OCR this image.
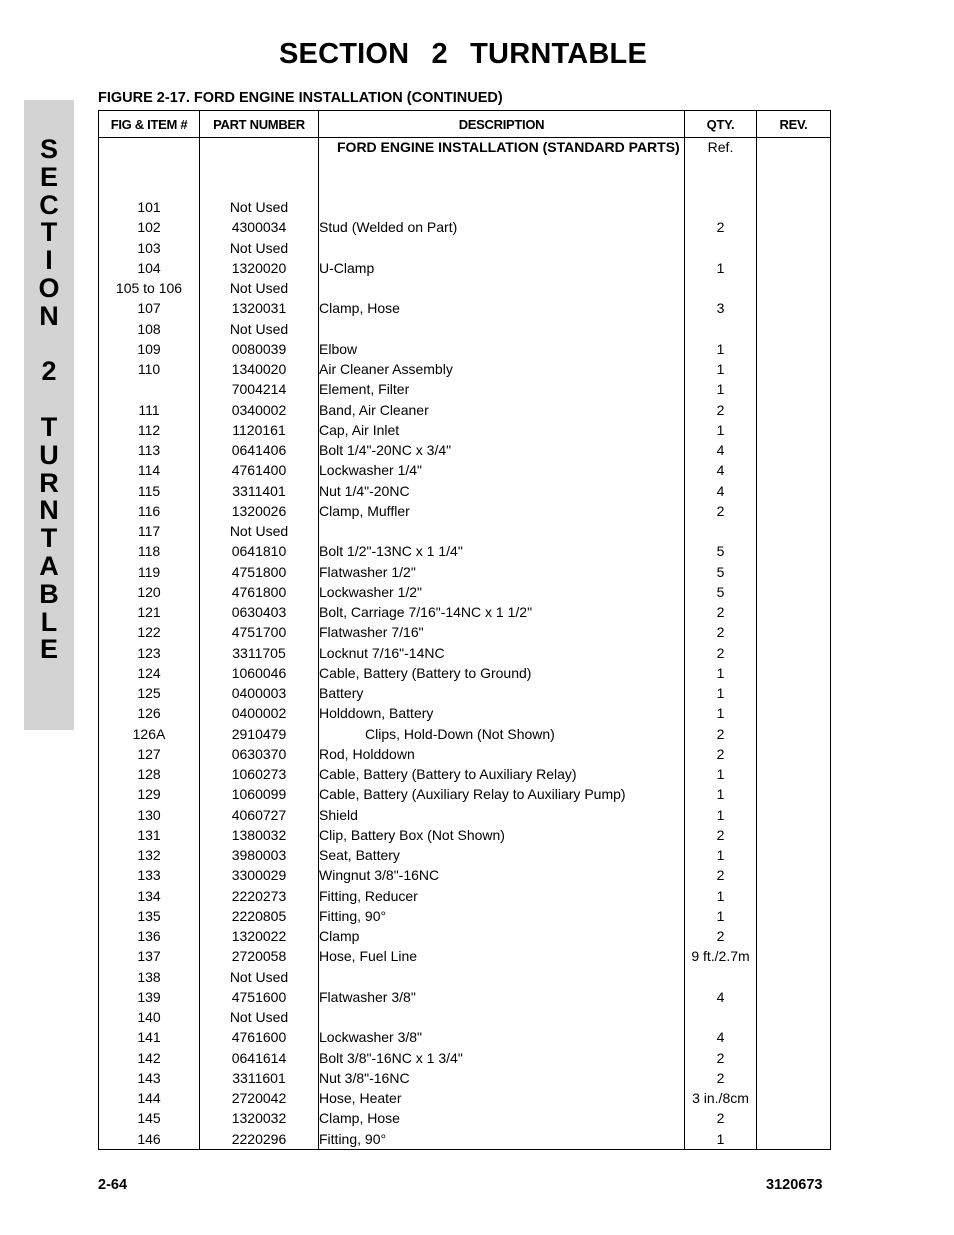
SECTION 2 TURNTABLE
FIGURE 2-17. FORD ENGINE INSTALLATION (CONTINUED)
S
E
C
T
I
O
N
2
T
U
R
N
T
A
B
L
E
FIG & ITEM #	PART NUMBER	DESCRIPTION	QTY.	REV.
		FORD ENGINE INSTALLATION (STANDARD PARTS)	Ref.	
101	Not Used			
102	4300034	Stud (Welded on Part)	2	
103	Not Used			
104	1320020	U-Clamp	1	
105 to 106	Not Used			
107	1320031	Clamp, Hose	3	
108	Not Used			
109	0080039	Elbow	1	
110	1340020	Air Cleaner Assembly	1	
	7004214	Element, Filter	1	
111	0340002	Band, Air Cleaner	2	
112	1120161	Cap, Air Inlet	1	
113	0641406	Bolt 1/4"-20NC x 3/4"	4	
114	4761400	Lockwasher 1/4"	4	
115	3311401	Nut 1/4"-20NC	4	
116	1320026	Clamp, Muffler	2	
117	Not Used			
118	0641810	Bolt 1/2"-13NC x 1 1/4"	5	
119	4751800	Flatwasher 1/2"	5	
120	4761800	Lockwasher 1/2"	5	
121	0630403	Bolt, Carriage 7/16"-14NC x 1 1/2"	2	
122	4751700	Flatwasher 7/16"	2	
123	3311705	Locknut 7/16"-14NC	2	
124	1060046	Cable, Battery (Battery to Ground)	1	
125	0400003	Battery	1	
126	0400002	Holddown, Battery	1	
126A	2910479	Clips, Hold-Down (Not Shown)	2	
127	0630370	Rod, Holddown	2	
128	1060273	Cable, Battery (Battery to Auxiliary Relay)	1	
129	1060099	Cable, Battery (Auxiliary Relay to Auxiliary Pump)	1	
130	4060727	Shield	1	
131	1380032	Clip, Battery Box (Not Shown)	2	
132	3980003	Seat, Battery	1	
133	3300029	Wingnut 3/8"-16NC	2	
134	2220273	Fitting, Reducer	1	
135	2220805	Fitting, 90°	1	
136	1320022	Clamp	2	
137	2720058	Hose, Fuel Line	9 ft./2.7m	
138	Not Used			
139	4751600	Flatwasher 3/8"	4	
140	Not Used			
141	4761600	Lockwasher 3/8"	4	
142	0641614	Bolt 3/8"-16NC x 1 3/4"	2	
143	3311601	Nut 3/8"-16NC	2	
144	2720042	Hose, Heater	3 in./8cm	
145	1320032	Clamp, Hose	2	
146	2220296	Fitting, 90°	1	
2-64	3120673
